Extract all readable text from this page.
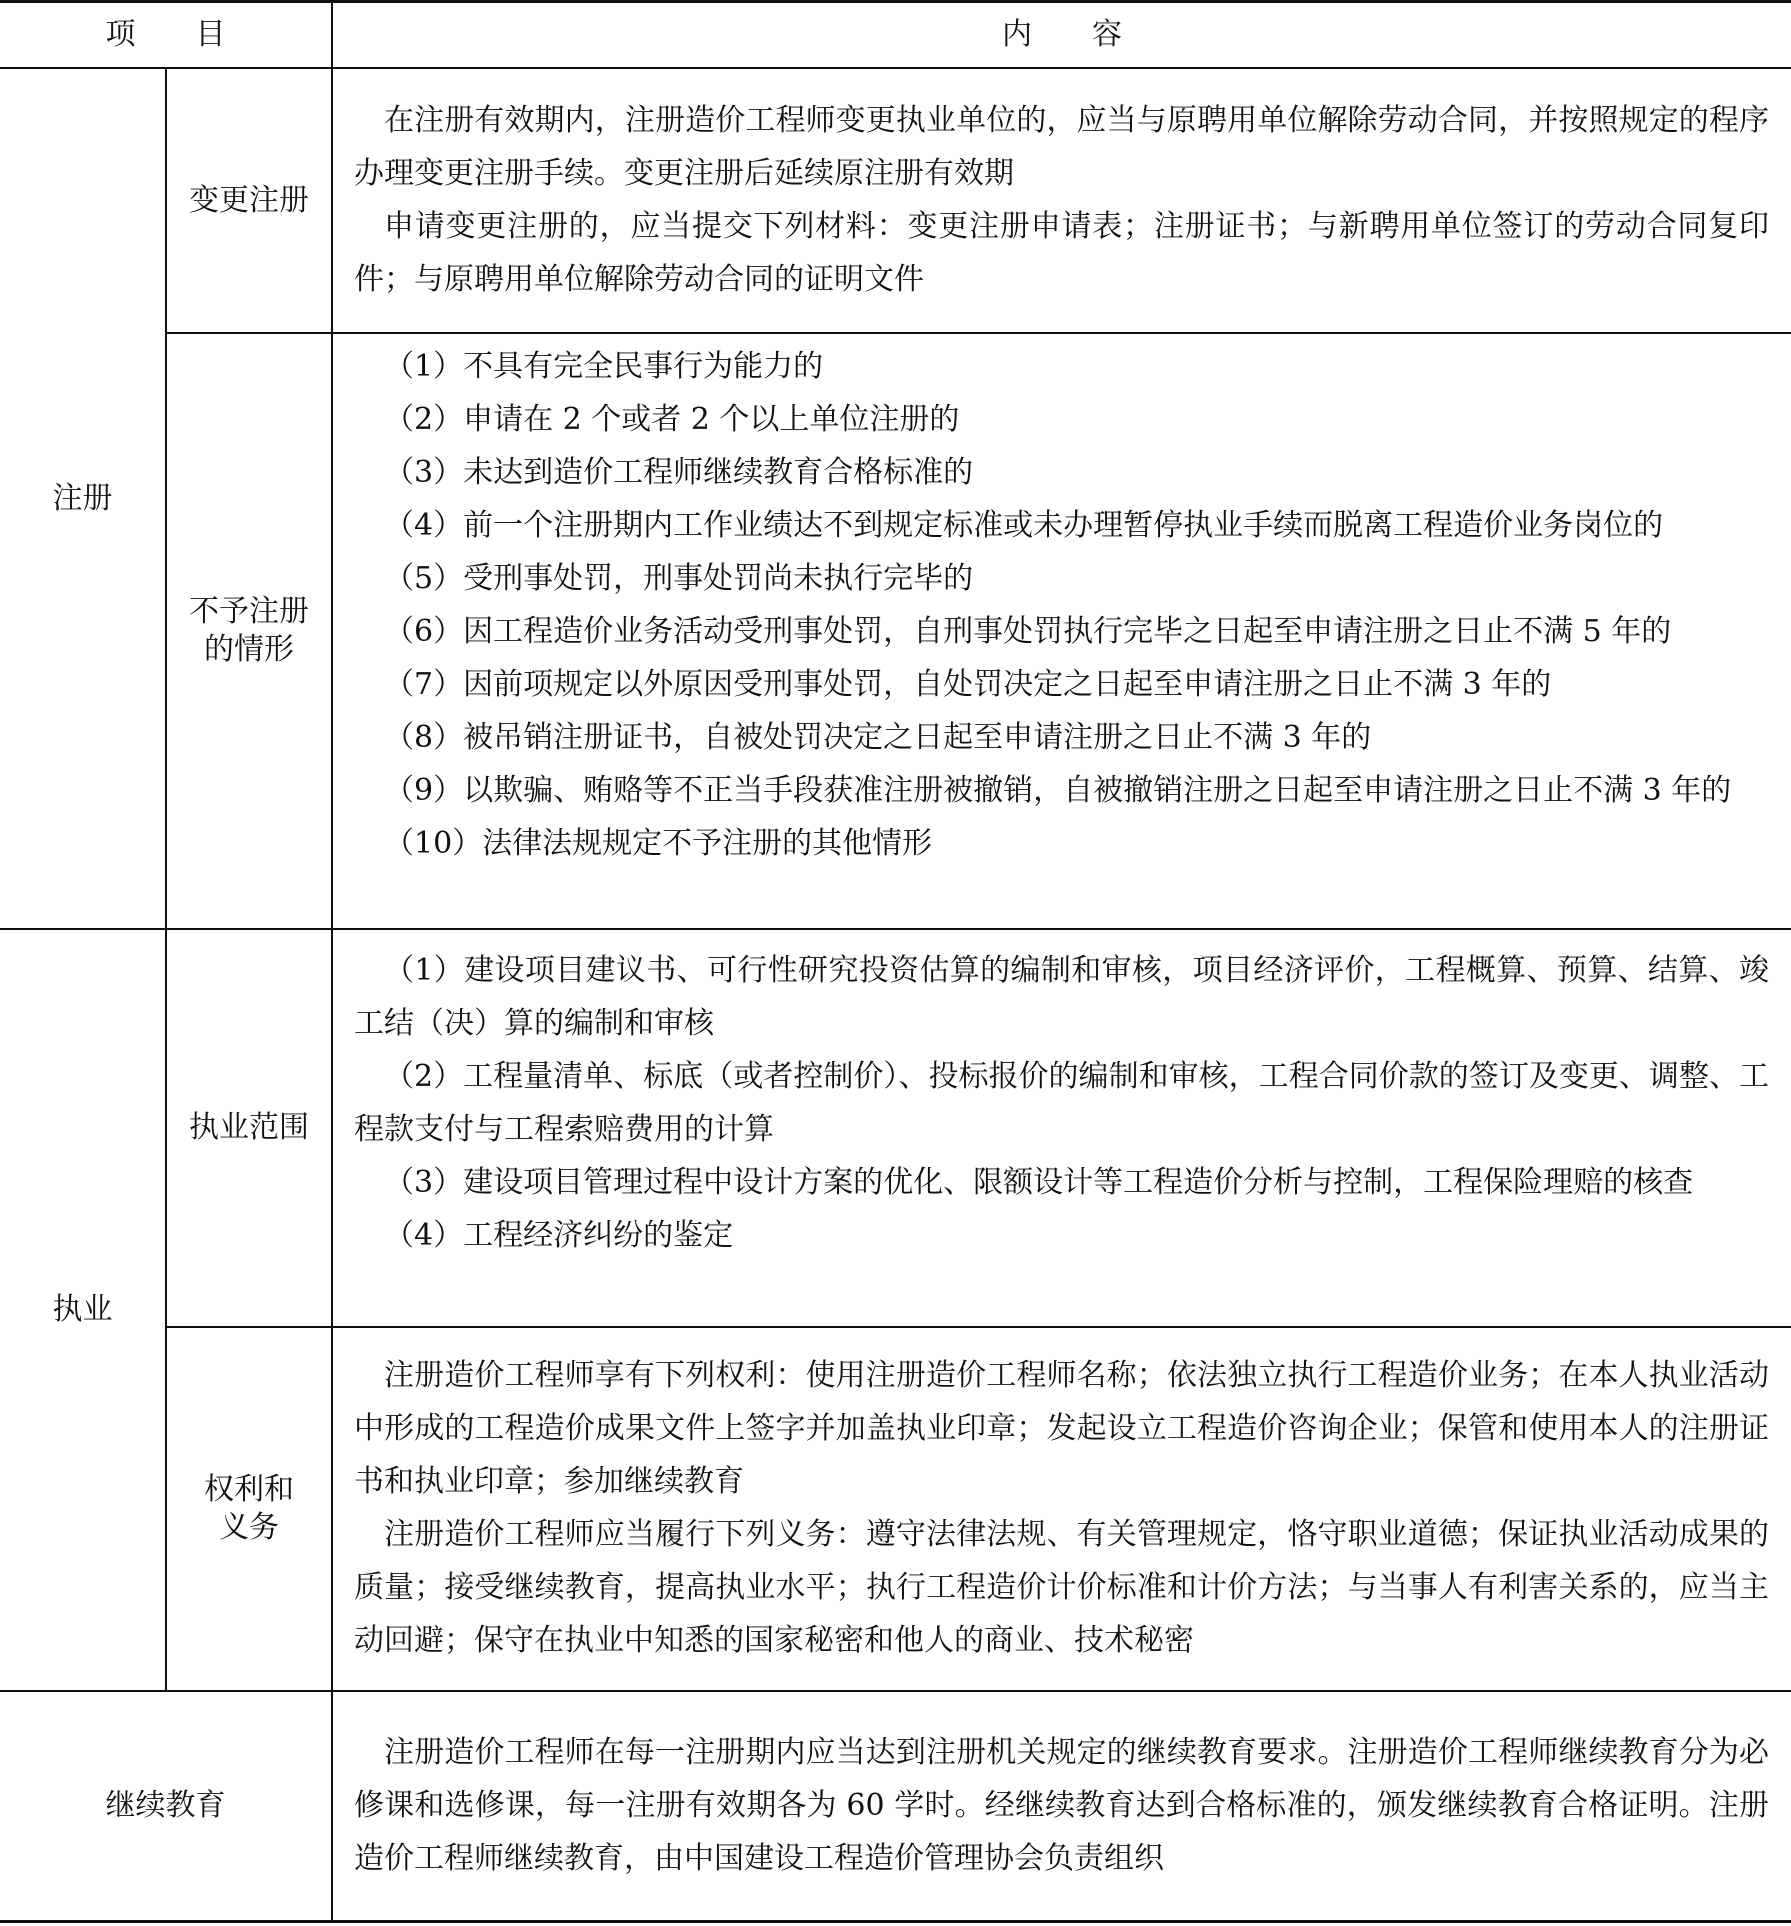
项　　目	内　　容
注册
变更注册

在注册有效期内，注册造价工程师变更执业单位的，应当与原聘用单位解除劳动合同，并按照规定的程序办理变更注册手续。变更注册后延续原注册有效期

申请变更注册的，应当提交下列材料：变更注册申请表；注册证书；与新聘用单位签订的劳动合同复印件；与原聘用单位解除劳动合同的证明文件

不予注册的情形

（1）不具有完全民事行为能力的

（2）申请在 2 个或者 2 个以上单位注册的

（3）未达到造价工程师继续教育合格标准的

（4）前一个注册期内工作业绩达不到规定标准或未办理暂停执业手续而脱离工程造价业务岗位的

（5）受刑事处罚，刑事处罚尚未执行完毕的

（6）因工程造价业务活动受刑事处罚，自刑事处罚执行完毕之日起至申请注册之日止不满 5 年的

（7）因前项规定以外原因受刑事处罚，自处罚决定之日起至申请注册之日止不满 3 年的

（8）被吊销注册证书，自被处罚决定之日起至申请注册之日止不满 3 年的

（9）以欺骗、贿赂等不正当手段获准注册被撤销，自被撤销注册之日起至申请注册之日止不满 3 年的

（10）法律法规规定不予注册的其他情形

执业
执业范围

（1）建设项目建议书、可行性研究投资估算的编制和审核，项目经济评价，工程概算、预算、结算、竣工结（决）算的编制和审核

（2）工程量清单、标底（或者控制价）、投标报价的编制和审核，工程合同价款的签订及变更、调整、工程款支付与工程索赔费用的计算

（3）建设项目管理过程中设计方案的优化、限额设计等工程造价分析与控制，工程保险理赔的核查

（4）工程经济纠纷的鉴定

权利和义务

注册造价工程师享有下列权利：使用注册造价工程师名称；依法独立执行工程造价业务；在本人执业活动中形成的工程造价成果文件上签字并加盖执业印章；发起设立工程造价咨询企业；保管和使用本人的注册证书和执业印章；参加继续教育

注册造价工程师应当履行下列义务：遵守法律法规、有关管理规定，恪守职业道德；保证执业活动成果的质量；接受继续教育，提高执业水平；执行工程造价计价标准和计价方法；与当事人有利害关系的，应当主动回避；保守在执业中知悉的国家秘密和他人的商业、技术秘密

继续教育

注册造价工程师在每一注册期内应当达到注册机关规定的继续教育要求。注册造价工程师继续教育分为必修课和选修课，每一注册有效期各为 60 学时。经继续教育达到合格标准的，颁发继续教育合格证明。注册造价工程师继续教育，由中国建设工程造价管理协会负责组织
